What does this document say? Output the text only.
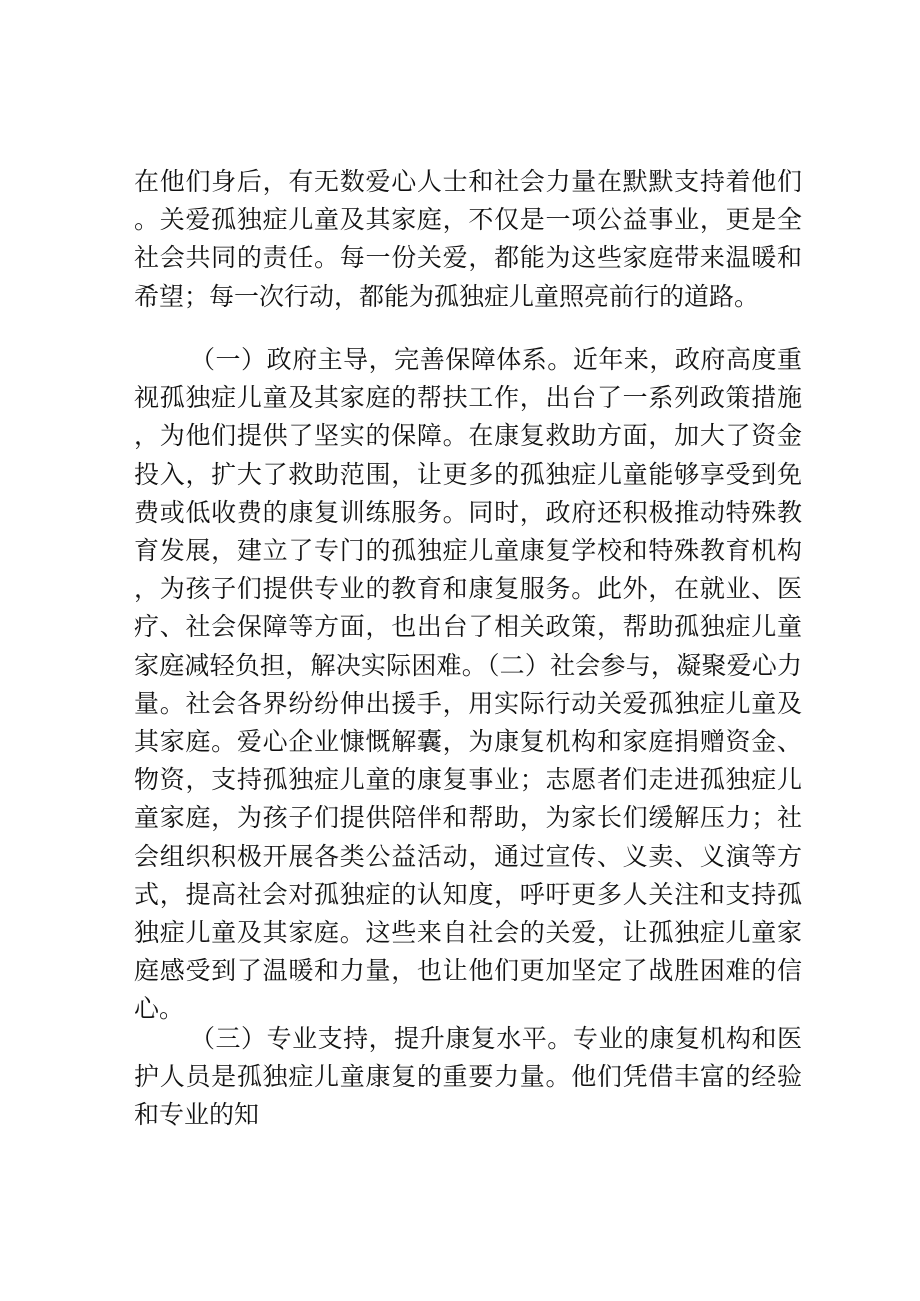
在他们身后，有无数爱心人士和社会力量在默默支持着他们。关爱孤独症儿童及其家庭，不仅是一项公益事业，更是全社会共同的责任。每一份关爱，都能为这些家庭带来温暖和希望；每一次行动，都能为孤独症儿童照亮前行的道路。

（一）政府主导，完善保障体系。近年来，政府高度重视孤独症儿童及其家庭的帮扶工作，出台了一系列政策措施，为他们提供了坚实的保障。在康复救助方面，加大了资金投入，扩大了救助范围，让更多的孤独症儿童能够享受到免费或低收费的康复训练服务。同时，政府还积极推动特殊教育发展，建立了专门的孤独症儿童康复学校和特殊教育机构，为孩子们提供专业的教育和康复服务。此外，在就业、医疗、社会保障等方面，也出台了相关政策，帮助孤独症儿童家庭减轻负担，解决实际困难。（二）社会参与，凝聚爱心力量。社会各界纷纷伸出援手，用实际行动关爱孤独症儿童及其家庭。爱心企业慷慨解囊，为康复机构和家庭捐赠资金、物资，支持孤独症儿童的康复事业；志愿者们走进孤独症儿童家庭，为孩子们提供陪伴和帮助，为家长们缓解压力；社会组织积极开展各类公益活动，通过宣传、义卖、义演等方式，提高社会对孤独症的认知度，呼吁更多人关注和支持孤独症儿童及其家庭。这些来自社会的关爱，让孤独症儿童家庭感受到了温暖和力量，也让他们更加坚定了战胜困难的信心。

（三）专业支持，提升康复水平。专业的康复机构和医护人员是孤独症儿童康复的重要力量。他们凭借丰富的经验和专业的知
